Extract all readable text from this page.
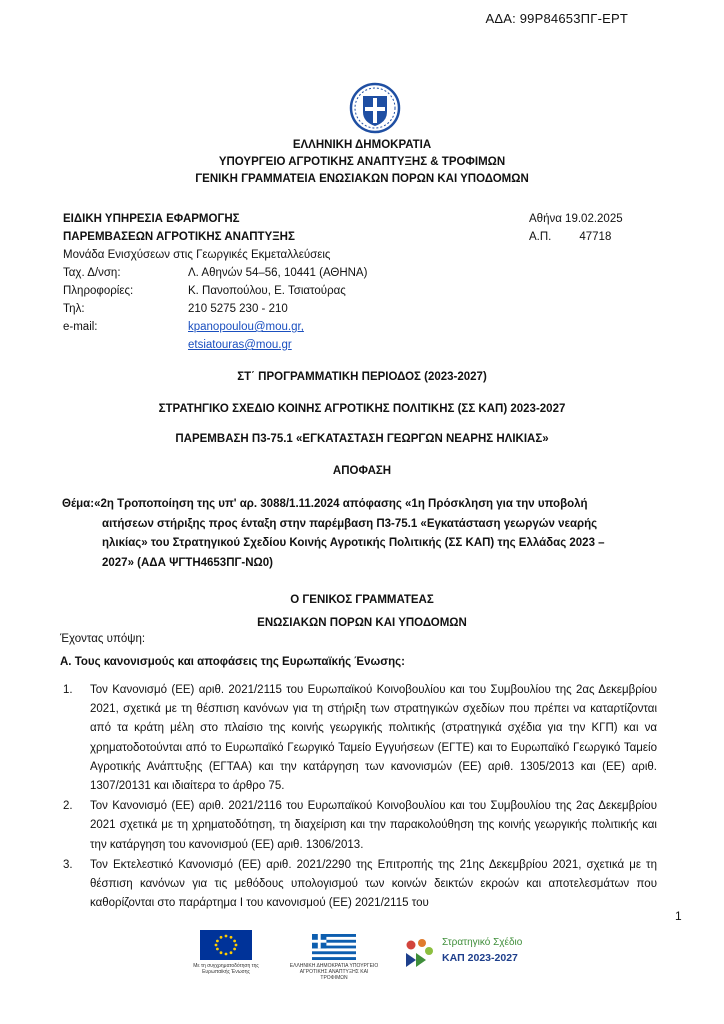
ΑΔΑ: 99Ρ84653ΠΓ-ΕΡΤ
ΕΛΛΗΝΙΚΗ ΔΗΜΟΚΡΑΤΙΑ
ΥΠΟΥΡΓΕΙΟ ΑΓΡΟΤΙΚΗΣ ΑΝΑΠΤΥΞΗΣ & ΤΡΟΦΙΜΩΝ
ΓΕΝΙΚΗ ΓΡΑΜΜΑΤΕΙΑ ΕΝΩΣΙΑΚΩΝ ΠΟΡΩΝ ΚΑΙ ΥΠΟΔΟΜΩΝ
ΕΙΔΙΚΗ ΥΠΗΡΕΣΙΑ ΕΦΑΡΜΟΓΗΣ
ΠΑΡΕΜΒΑΣΕΩΝ ΑΓΡΟΤΙΚΗΣ ΑΝΑΠΤΥΞΗΣ
Μονάδα Ενισχύσεων στις Γεωργικές Εκμεταλλεύσεις
Ταχ. Δ/νση:	Λ. Αθηνών 54–56, 10441 (ΑΘΗΝΑ)
Πληροφορίες:	Κ. Πανοπούλου, Ε. Τσιατούρας
Τηλ:	210 5275 230 - 210
e-mail:	kpanopoulou@mou.gr,
etsiatouras@mou.gr
Αθήνα 19.02.2025
Α.Π. 47718
ΣΤ΄ ΠΡΟΓΡΑΜΜΑΤΙΚΗ ΠΕΡΙΟΔΟΣ (2023-2027)
ΣΤΡΑΤΗΓΙΚΟ ΣΧΕΔΙΟ ΚΟΙΝΗΣ ΑΓΡΟΤΙΚΗΣ ΠΟΛΙΤΙΚΗΣ (ΣΣ ΚΑΠ) 2023-2027
ΠΑΡΕΜΒΑΣΗ Π3-75.1 «ΕΓΚΑΤΑΣΤΑΣΗ ΓΕΩΡΓΩΝ ΝΕΑΡΗΣ ΗΛΙΚΙΑΣ»
ΑΠΟΦΑΣΗ
Θέμα:«2η Τροποποίηση της υπ' αρ. 3088/1.11.2024 απόφασης «1η Πρόσκληση για την υποβολή
αιτήσεων στήριξης προς ένταξη στην παρέμβαση Π3-75.1 «Εγκατάσταση γεωργών νεαρής
ηλικίας» του Στρατηγικού Σχεδίου Κοινής Αγροτικής Πολιτικής (ΣΣ ΚΑΠ) της Ελλάδας 2023 –
2027» (ΑΔΑ ΨΓΤΗ4653ΠΓ-ΝΩ0)
Ο ΓΕΝΙΚΟΣ ΓΡΑΜΜΑΤΕΑΣ
ΕΝΩΣΙΑΚΩΝ ΠΟΡΩΝ ΚΑΙ ΥΠΟΔΟΜΩΝ
Έχοντας υπόψη:
Α. Τους κανονισμούς και αποφάσεις της Ευρωπαϊκής Ένωσης:
1. Τον Κανονισμό (ΕΕ) αριθ. 2021/2115 του Ευρωπαϊκού Κοινοβουλίου και του Συμβουλίου της 2ας Δεκεμβρίου 2021, σχετικά με τη θέσπιση κανόνων για τη στήριξη των στρατηγικών σχεδίων που πρέπει να καταρτίζονται από τα κράτη μέλη στο πλαίσιο της κοινής γεωργικής πολιτικής (στρατηγικά σχέδια για την ΚΓΠ) και να χρηματοδοτούνται από το Ευρωπαϊκό Γεωργικό Ταμείο Εγγυήσεων (ΕΓΤΕ) και το Ευρωπαϊκό Γεωργικό Ταμείο Αγροτικής Ανάπτυξης (ΕΓΤΑΑ) και την κατάργηση των κανονισμών (ΕΕ) αριθ. 1305/2013 και (ΕΕ) αριθ. 1307/20131 και ιδιαίτερα το άρθρο 75.
2. Τον Κανονισμό (ΕΕ) αριθ. 2021/2116 του Ευρωπαϊκού Κοινοβουλίου και του Συμβουλίου της 2ας Δεκεμβρίου 2021 σχετικά με τη χρηματοδότηση, τη διαχείριση και την παρακολούθηση της κοινής γεωργικής πολιτικής και την κατάργηση του κανονισμού (ΕΕ) αριθ. 1306/2013.
3. Τον Εκτελεστικό Κανονισμό (ΕΕ) αριθ. 2021/2290 της Επιτροπής της 21ης Δεκεμβρίου 2021, σχετικά με τη θέσπιση κανόνων για τις μεθόδους υπολογισμού των κοινών δεικτών εκροών και αποτελεσμάτων που καθορίζονται στο παράρτημα Ι του κανονισμού (ΕΕ) 2021/2115 του
1
Με τη συγχρηματοδότηση της Ευρωπαϊκής Ένωσης
ΕΛΛΗΝΙΚΗ ΔΗΜΟΚΡΑΤΙΑ ΥΠΟΥΡΓΕΙΟ ΑΓΡΟΤΙΚΗΣ ΑΝΑΠΤΥΞΗΣ ΚΑΙ ΤΡΟΦΙΜΩΝ
Στρατηγικό Σχέδιο
ΚΑΠ 2023-2027
